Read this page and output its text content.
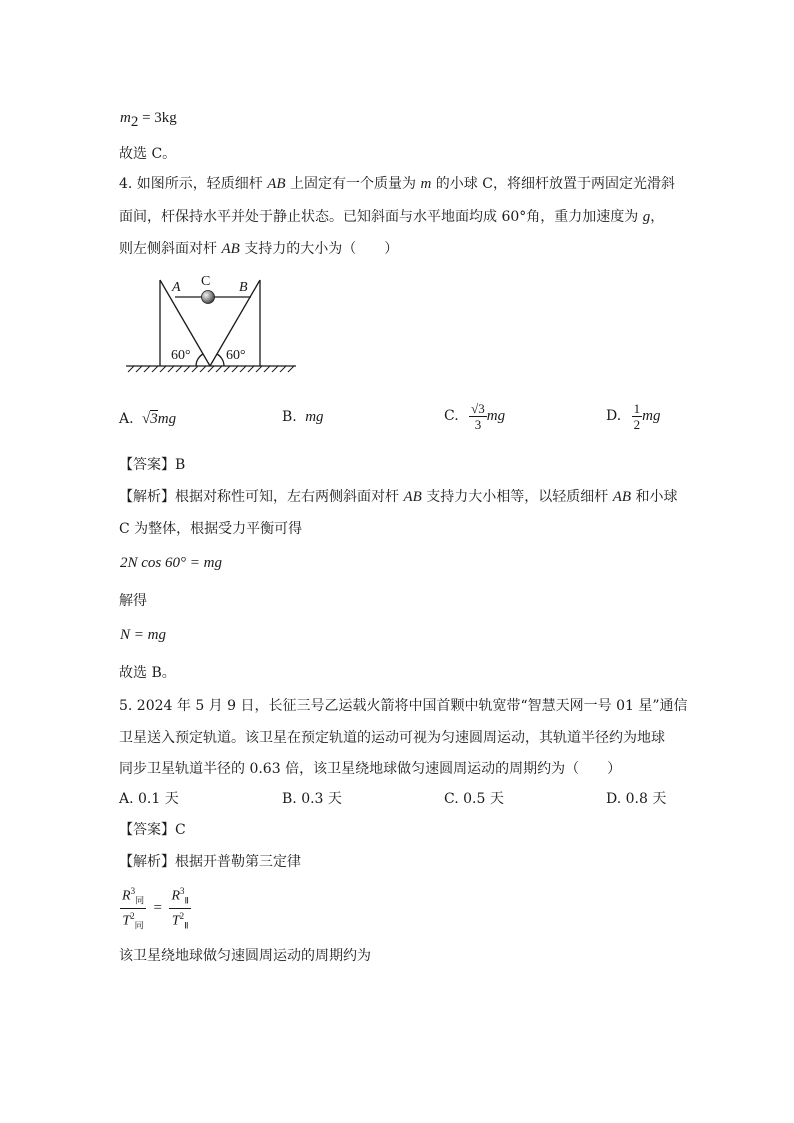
$m_2 = 3kg$
故选 C。
4. 如图所示，轻质细杆 AB 上固定有一个质量为 m 的小球 C，将细杆放置于两固定光滑斜
面间，杆保持水平并处于静止状态。已知斜面与水平地面均成 60°角，重力加速度为 g，
则左侧斜面对杆 AB 支持力的大小为（　　）
A C B
60°	60°
A. √3mg	B. mg	C. $\frac{√3}{3}$ mg	D. $\frac{1}{2}$ mg
【答案】B
【解析】根据对称性可知，左右两侧斜面对杆 AB 支持力大小相等，以轻质细杆 AB 和小球
C 为整体，根据受力平衡可得
2N cos 60° = mg
解得
N = mg
故选 B。
5. 2024 年 5 月 9 日，长征三号乙运载火箭将中国首颗中轨宽带“智慧天网一号 01 星”通信
卫星送入预定轨道。该卫星在预定轨道的运动可视为匀速圆周运动，其轨道半径约为地球
同步卫星轨道半径的 0.63 倍，该卫星绕地球做匀速圆周运动的周期约为（　　）
A. 0.1 天	B. 0.3 天	C. 0.5 天	D. 0.8 天
【答案】C
【解析】根据开普勒第三定律
$\frac{R^3_同}{T^2_同} = \frac{R^3_Ⅱ}{T^2_Ⅱ}$
该卫星绕地球做匀速圆周运动的周期约为
